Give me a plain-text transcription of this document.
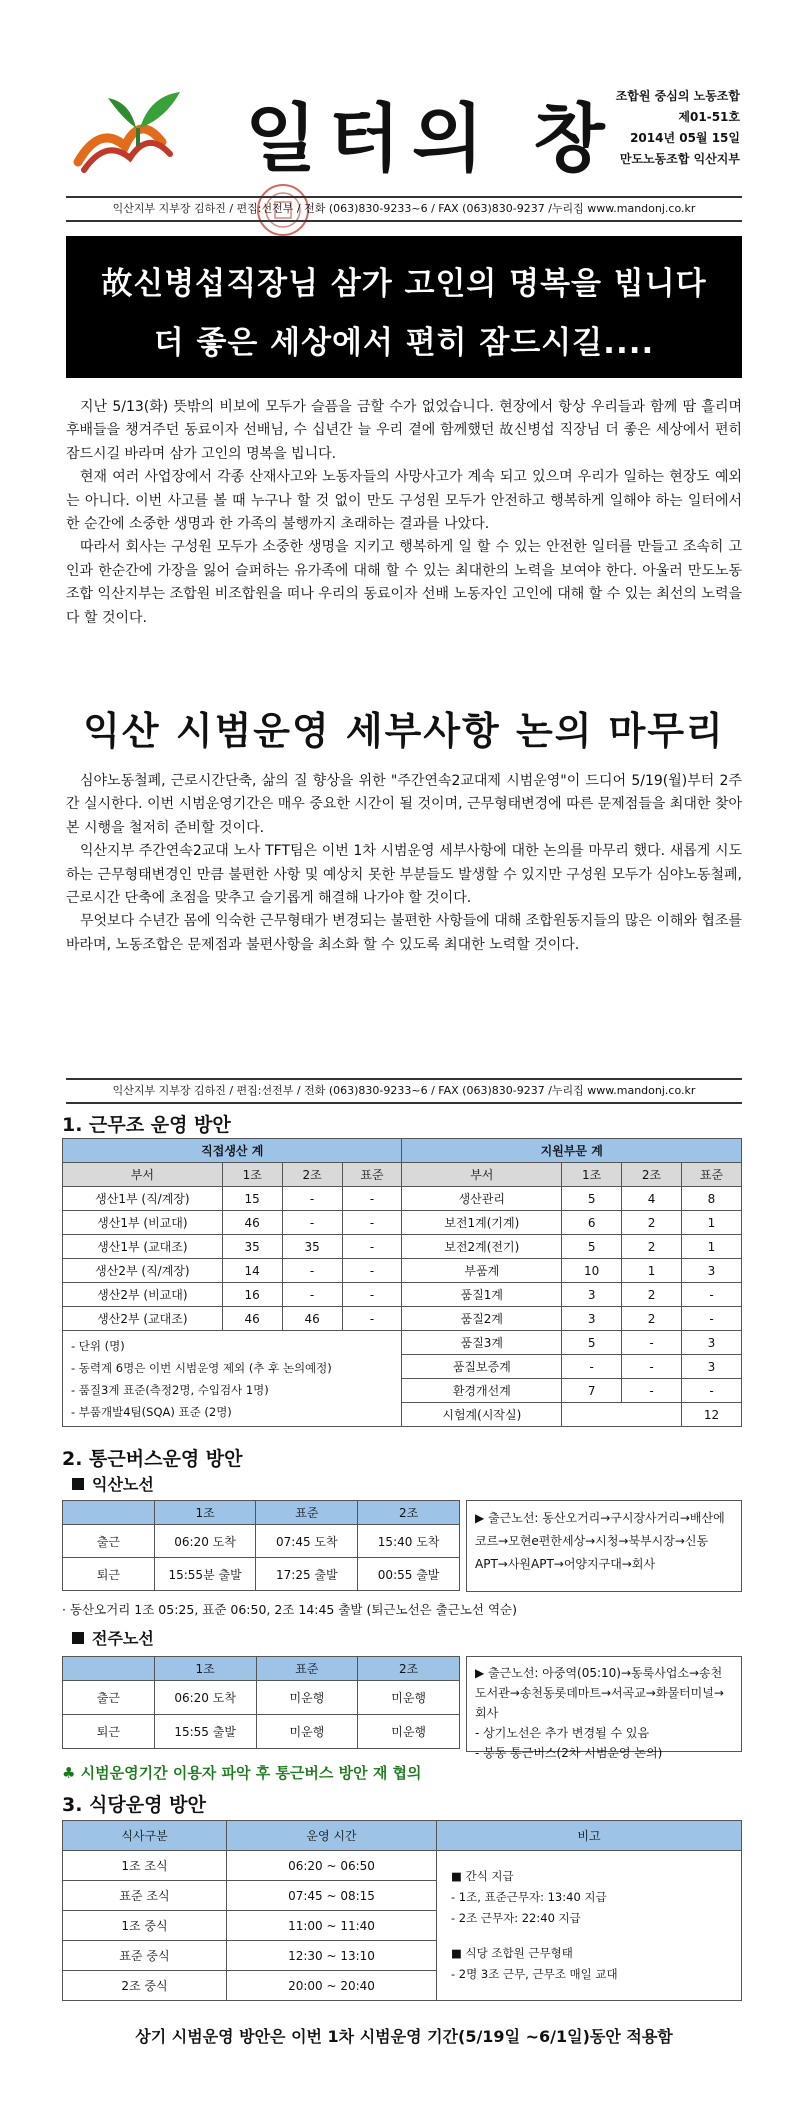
일터의 창 조합원 중심의 노동조합
제01-51호
2014년 05월 15일
만도노동조합 익산지부
익산지부 지부장 김하진 / 편집:선전부 / 전화 (063)830-9233~6 / FAX (063)830-9237 /누리집 www.mandonj.co.kr
故신병섭직장님 삼가 고인의 명복을 빕니다
더 좋은 세상에서 편히 잠드시길....

지난 5/13(화) 뜻밖의 비보에 모두가 슬픔을 금할 수가 없었습니다. 현장에서 항상 우리들과 함께 땀 흘리며 후배들을 챙겨주던 동료이자 선배님, 수 십년간 늘 우리 곁에 함께했던 故신병섭 직장님 더 좋은 세상에서 편히 잠드시길 바라며 삼가 고인의 명복을 빕니다.

현재 여러 사업장에서 각종 산재사고와 노동자들의 사망사고가 계속 되고 있으며 우리가 일하는 현장도 예외는 아니다. 이번 사고를 볼 때 누구나 할 것 없이 만도 구성원 모두가 안전하고 행복하게 일해야 하는 일터에서 한 순간에 소중한 생명과 한 가족의 불행까지 초래하는 결과를 나았다.

따라서 회사는 구성원 모두가 소중한 생명을 지키고 행복하게 일 할 수 있는 안전한 일터를 만들고 조속히 고인과 한순간에 가장을 잃어 슬퍼하는 유가족에 대해 할 수 있는 최대한의 노력을 보여야 한다. 아울러 만도노동조합 익산지부는 조합원 비조합원을 떠나 우리의 동료이자 선배 노동자인 고인에 대해 할 수 있는 최선의 노력을 다 할 것이다.

익산 시범운영 세부사항 논의 마무리

심야노동철폐, 근로시간단축, 삶의 질 향상을 위한 "주간연속2교대제 시범운영"이 드디어 5/19(월)부터 2주간 실시한다. 이번 시범운영기간은 매우 중요한 시간이 될 것이며, 근무형태변경에 따른 문제점들을 최대한 찾아 본 시행을 철저히 준비할 것이다.

익산지부 주간연속2교대 노사 TFT팀은 이번 1차 시범운영 세부사항에 대한 논의를 마무리 했다. 새롭게 시도하는 근무형태변경인 만큼 불편한 사항 및 예상치 못한 부분들도 발생할 수 있지만 구성원 모두가 심야노동철폐, 근로시간 단축에 초점을 맞추고 슬기롭게 해결해 나가야 할 것이다.

무엇보다 수년간 몸에 익숙한 근무형태가 변경되는 불편한 사항들에 대해 조합원동지들의 많은 이해와 협조를 바라며, 노동조합은 문제점과 불편사항을 최소화 할 수 있도록 최대한 노력할 것이다.

익산지부 지부장 김하진 / 편집:선전부 / 전화 (063)830-9233~6 / FAX (063)830-9237 /누리집 www.mandonj.co.kr
1. 근무조 운영 방안
직접생산 계				지원부문 계			
부서	1조	2조	표준	부서	1조	2조	표준
생산1부 (직/계장)	15	-	-	생산관리	5	4	8
생산1부 (비교대)	46	-	-	보전1계(기계)	6	2	1
생산1부 (교대조)	35	35	-	보전2계(전기)	5	2	1
생산2부 (직/계장)	14	-	-	부품계	10	1	3
생산2부 (비교대)	16	-	-	품질1계	3	2	-
생산2부 (교대조)	46	46	-	품질2계	3	2	-

- 단위 (명)
- 동력계 6명은 이번 시범운영 제외 (추 후 논의예정)
- 품질3계 표준(측정2명, 수입검사 1명)
- 부품개발4팀(SQA) 표준 (2명)				품질3계	5	-	3
				품질보증계	-	-	3
				환경개선계	7	-	-
				시험계(시작실)			12
2. 통근버스운영 방안
익산노선
	1조	표준	2조
출근	06:20 도착	07:45 도착	15:40 도착
퇴근	15:55분 출발	17:25 출발	00:55 출발
▶ 출근노선: 동산오거리→구시장사거리→배산에코르→모현e편한세상→시청→북부시장→신동APT→사원APT→어양지구대→회사
· 동산오거리 1조 05:25, 표준 06:50, 2조 14:45 출발 (퇴근노선은 출근노선 역순)
전주노선
	1조	표준	2조
출근	06:20 도착	미운행	미운행
퇴근	15:55 출발	미운행	미운행
▶ 출근노선: 아중역(05:10)→동룩사업소→송천도서관→송천동롯데마트→서곡교→화물터미널→회사
- 상기노선은 추가 변경될 수 있음
- 봉동 통근버스(2차 시범운영 논의)
♣ 시범운영기간 이용자 파악 후 통근버스 방안 재 협의
3. 식당운영 방안
식사구분	운영 시간	비고
1조 조식	06:20 ~ 06:50	■ 간식 지급
- 1조, 표준근무자: 13:40 지급
- 2조 근무자: 22:40 지급
■ 식당 조합원 근무형태
- 2명 3조 근무, 근무조 매일 교대

표준 조식	07:45 ~ 08:15	
1조 중식	11:00 ~ 11:40	
표준 중식	12:30 ~ 13:10	
2조 중식	20:00 ~ 20:40	
상기 시범운영 방안은 이번 1차 시범운영 기간(5/19일 ~6/1일)동안 적용함
